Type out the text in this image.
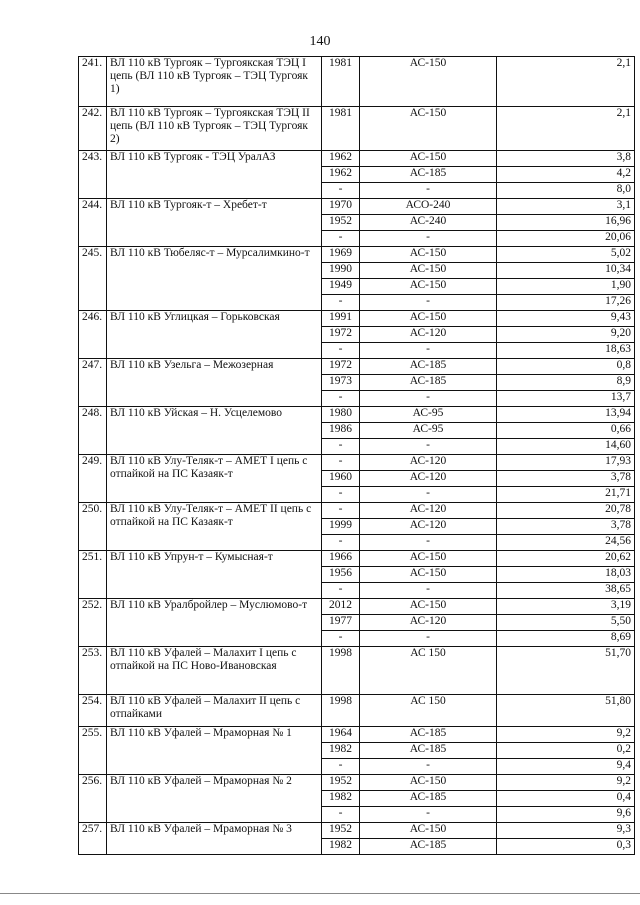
140
241.	ВЛ 110 кВ Тургояк – Тургоякская ТЭЦ I цепь (ВЛ 110 кВ Тургояк – ТЭЦ Тургояк 1)	1981	АС-150	2,1
242.	ВЛ 110 кВ Тургояк – Тургоякская ТЭЦ II цепь (ВЛ 110 кВ Тургояк – ТЭЦ Тургояк 2)	1981	АС-150	2,1
243.	ВЛ 110 кВ Тургояк - ТЭЦ УралАЗ	1962	АС-150	3,8
		1962	АС-185	4,2
		-	-	8,0
244.	ВЛ 110 кВ Тургояк-т – Хребет-т	1970	АСО-240	3,1
		1952	АС-240	16,96
		-	-	20,06
245.	ВЛ 110 кВ Тюбеляс-т – Мурсалимкино-т	1969	АС-150	5,02
		1990	АС-150	10,34
		1949	АС-150	1,90
		-	-	17,26
246.	ВЛ 110 кВ Углицкая – Горьковская	1991	АС-150	9,43
		1972	АС-120	9,20
		-	-	18,63
247.	ВЛ 110 кВ Узельга – Межозерная	1972	АС-185	0,8
		1973	АС-185	8,9
		-	-	13,7
248.	ВЛ 110 кВ Уйская – Н. Усцелемово	1980	АС-95	13,94
		1986	АС-95	0,66
		-	-	14,60
249.	ВЛ 110 кВ Улу-Теляк-т – АМЕТ I цепь с отпайкой на ПС Казаяк-т	-	АС-120	17,93
		1960	АС-120	3,78
		-	-	21,71
250.	ВЛ 110 кВ Улу-Теляк-т – АМЕТ II цепь с отпайкой на ПС Казаяк-т	-	АС-120	20,78
		1999	АС-120	3,78
		-	-	24,56
251.	ВЛ 110 кВ Упрун-т – Кумысная-т	1966	АС-150	20,62
		1956	АС-150	18,03
		-	-	38,65
252.	ВЛ 110 кВ Уралбройлер – Муслюмово-т	2012	АС-150	3,19
		1977	АС-120	5,50
		-	-	8,69
253.	ВЛ 110 кВ Уфалей – Малахит I цепь с отпайкой на ПС Ново-Ивановская	1998	АС 150	51,70
254.	ВЛ 110 кВ Уфалей – Малахит II цепь с отпайками	1998	АС 150	51,80
255.	ВЛ 110 кВ Уфалей – Мраморная № 1	1964	АС-185	9,2
		1982	АС-185	0,2
		-	-	9,4
256.	ВЛ 110 кВ Уфалей – Мраморная № 2	1952	АС-150	9,2
		1982	АС-185	0,4
		-	-	9,6
257.	ВЛ 110 кВ Уфалей – Мраморная № 3	1952	АС-150	9,3
		1982	АС-185	0,3
